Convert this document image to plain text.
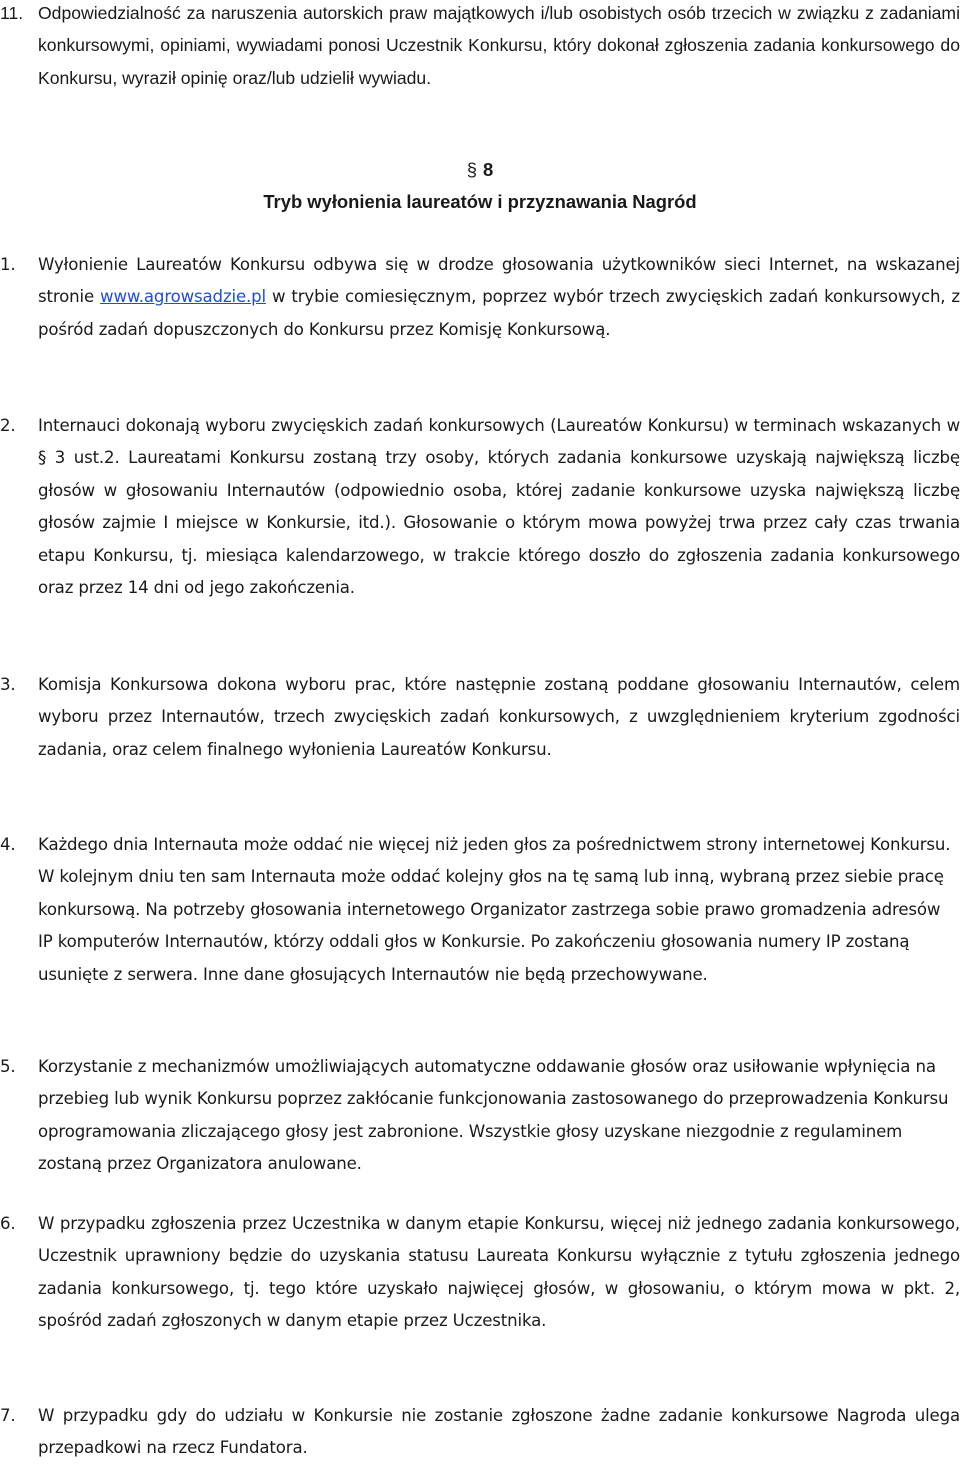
11. Odpowiedzialność za naruszenia autorskich praw majątkowych i/lub osobistych osób trzecich w związku z zadaniami konkursowymi, opiniami, wywiadami ponosi Uczestnik Konkursu, który dokonał zgłoszenia zadania konkursowego do Konkursu, wyraził opinię oraz/lub udzielił wywiadu.
§ 8
Tryb wyłonienia laureatów i przyznawania Nagród
1. Wyłonienie Laureatów Konkursu odbywa się w drodze głosowania użytkowników sieci Internet, na wskazanej stronie www.agrowsadzie.pl w trybie comiesięcznym, poprzez wybór trzech zwycięskich zadań konkursowych, z pośród zadań dopuszczonych do Konkursu przez Komisję Konkursową.
2. Internauci dokonają wyboru zwycięskich zadań konkursowych (Laureatów Konkursu) w terminach wskazanych w § 3 ust.2. Laureatami Konkursu zostaną trzy osoby, których zadania konkursowe uzyskają największą liczbę głosów w głosowaniu Internautów (odpowiednio osoba, której zadanie konkursowe uzyska największą liczbę głosów zajmie I miejsce w Konkursie, itd.). Głosowanie o którym mowa powyżej trwa przez cały czas trwania etapu Konkursu, tj. miesiąca kalendarzowego, w trakcie którego doszło do zgłoszenia zadania konkursowego oraz przez 14 dni od jego zakończenia.
3. Komisja Konkursowa dokona wyboru prac, które następnie zostaną poddane głosowaniu Internautów, celem wyboru przez Internautów, trzech zwycięskich zadań konkursowych, z uwzględnieniem kryterium zgodności zadania, oraz celem finalnego wyłonienia Laureatów Konkursu.
4. Każdego dnia Internauta może oddać nie więcej niż jeden głos za pośrednictwem strony internetowej Konkursu. W kolejnym dniu ten sam Internauta może oddać kolejny głos na tę samą lub inną, wybraną przez siebie pracę konkursową. Na potrzeby głosowania internetowego Organizator zastrzega sobie prawo gromadzenia adresów IP komputerów Internautów, którzy oddali głos w Konkursie. Po zakończeniu głosowania numery IP zostaną usunięte z serwera. Inne dane głosujących Internautów nie będą przechowywane.
5. Korzystanie z mechanizmów umożliwiających automatyczne oddawanie głosów oraz usiłowanie wpłynięcia na przebieg lub wynik Konkursu poprzez zakłócanie funkcjonowania zastosowanego do przeprowadzenia Konkursu oprogramowania zliczającego głosy jest zabronione. Wszystkie głosy uzyskane niezgodnie z regulaminem zostaną przez Organizatora anulowane.
6. W przypadku zgłoszenia przez Uczestnika w danym etapie Konkursu, więcej niż jednego zadania konkursowego, Uczestnik uprawniony będzie do uzyskania statusu Laureata Konkursu wyłącznie z tytułu zgłoszenia jednego zadania konkursowego, tj. tego które uzyskało najwięcej głosów, w głosowaniu, o którym mowa w pkt. 2, spośród zadań zgłoszonych w danym etapie przez Uczestnika.
7. W przypadku gdy do udziału w Konkursie nie zostanie zgłoszone żadne zadanie konkursowe Nagroda ulega przepadkowi na rzecz Fundatora.
